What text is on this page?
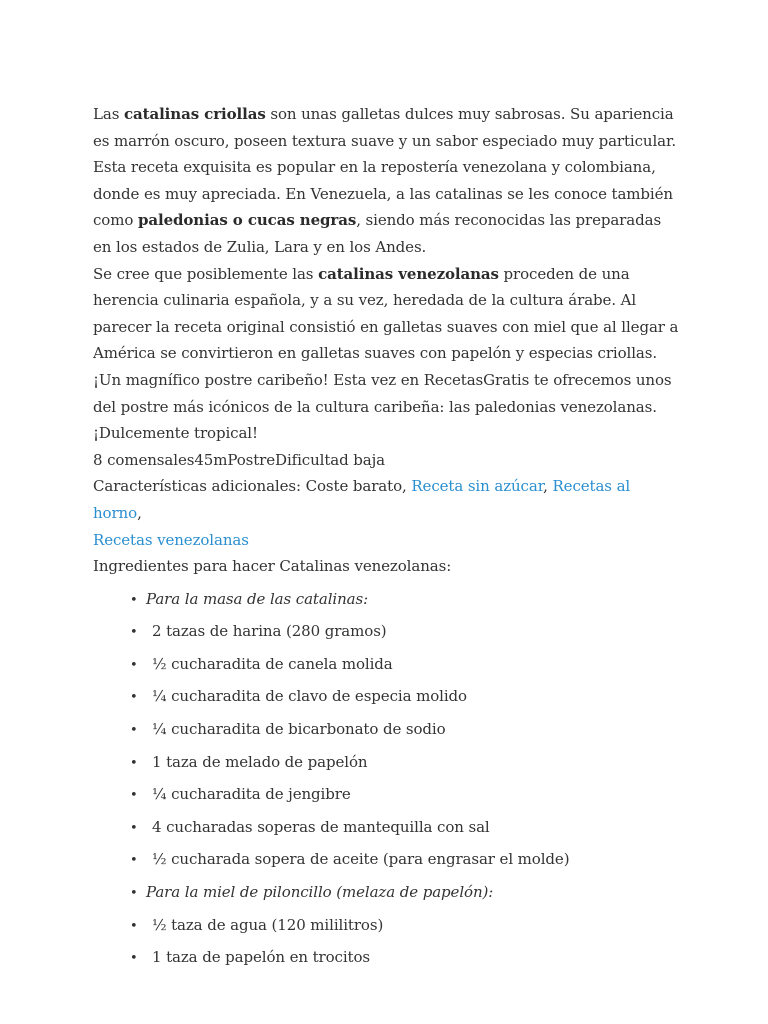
Las catalinas criollas son unas galletas dulces muy sabrosas. Su apariencia es marrón oscuro, poseen textura suave y un sabor especiado muy particular. Esta receta exquisita es popular en la repostería venezolana y colombiana, donde es muy apreciada. En Venezuela, a las catalinas se les conoce también como paledonias o cucas negras, siendo más reconocidas las preparadas en los estados de Zulia, Lara y en los Andes.

Se cree que posiblemente las catalinas venezolanas proceden de una herencia culinaria española, y a su vez, heredada de la cultura árabe. Al parecer la receta original consistió en galletas suaves con miel que al llegar a América se convirtieron en galletas suaves con papelón y especias criollas. ¡Un magnífico postre caribeño! Esta vez en RecetasGratis te ofrecemos unos del postre más icónicos de la cultura caribeña: las paledonias venezolanas. ¡Dulcemente tropical!

8 comensales45mPostreDificultad baja

Características adicionales: Coste barato, Receta sin azúcar, Recetas al horno,
Recetas venezolanas

Ingredientes para hacer Catalinas venezolanas:

• Para la masa de las catalinas:
• 2 tazas de harina (280 gramos)
• ½ cucharadita de canela molida
• ¼ cucharadita de clavo de especia molido
• ¼ cucharadita de bicarbonato de sodio
• 1 taza de melado de papelón
• ¼ cucharadita de jengibre
• 4 cucharadas soperas de mantequilla con sal
• ½ cucharada sopera de aceite (para engrasar el molde)
• Para la miel de piloncillo (melaza de papelón):
• ½ taza de agua (120 mililitros)
• 1 taza de papelón en trocitos
